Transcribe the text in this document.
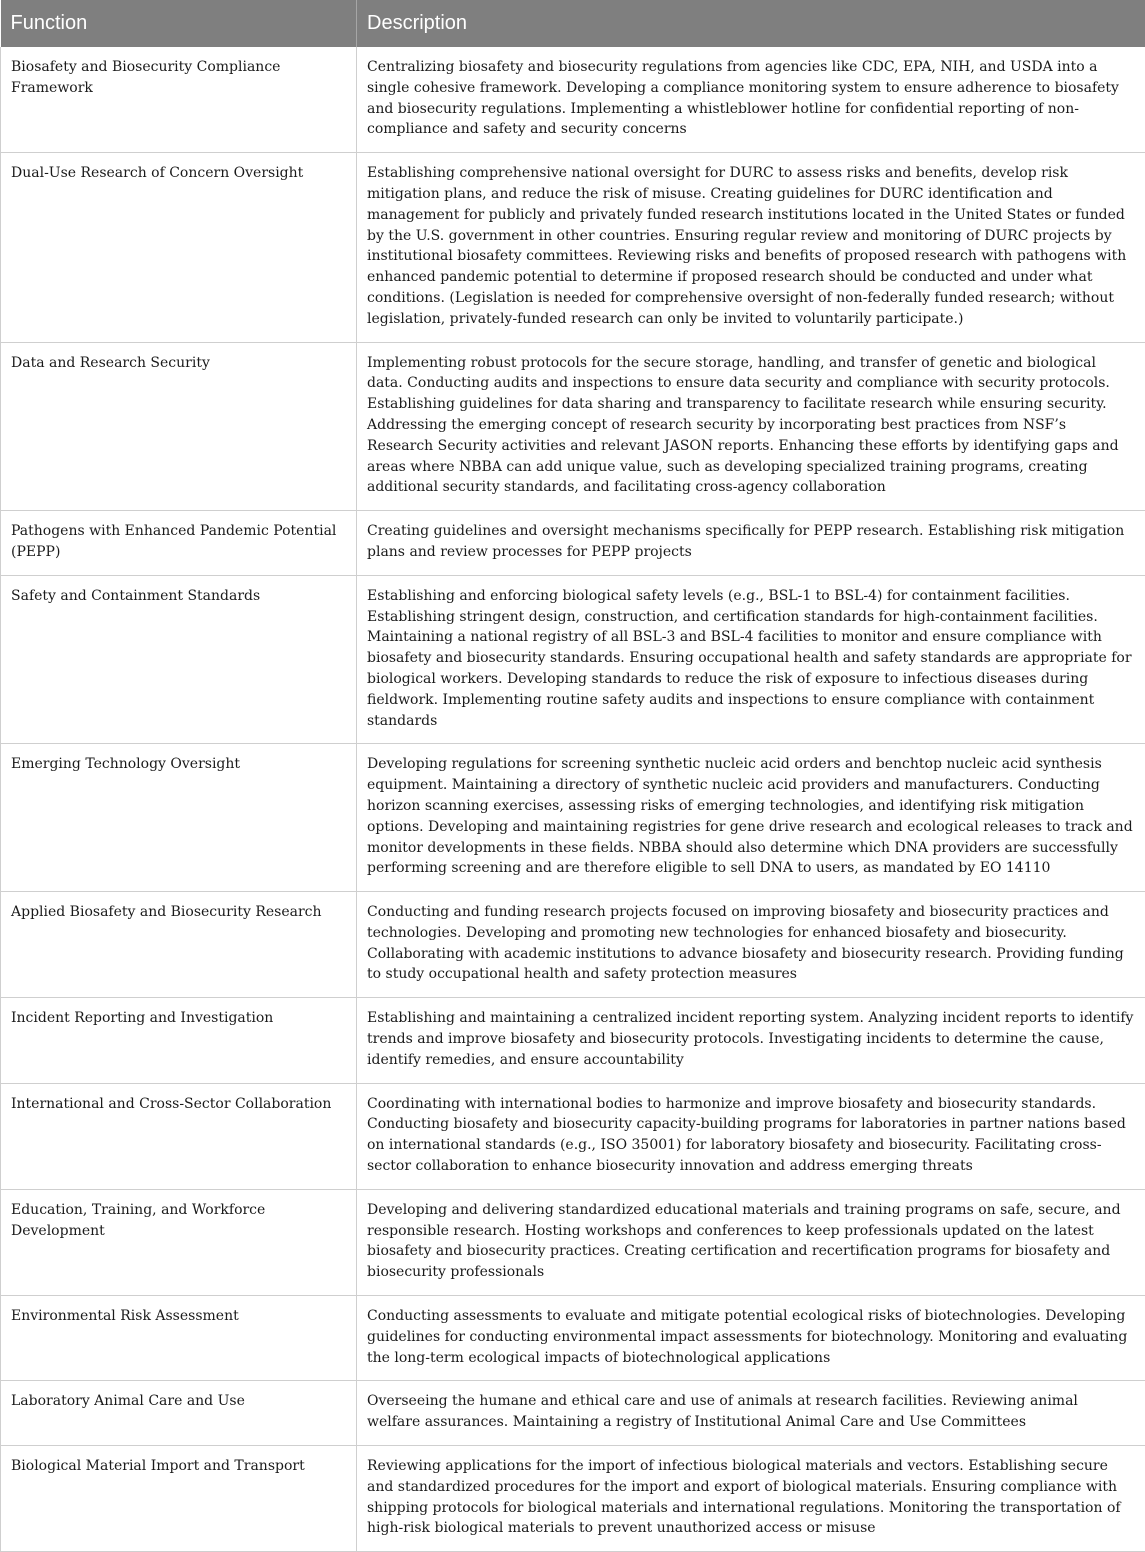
Function	Description
Biosafety and Biosecurity Compliance Framework	Centralizing biosafety and biosecurity regulations from agencies like CDC, EPA, NIH, and USDA into a single cohesive framework. Developing a compliance monitoring system to ensure adherence to biosafety and biosecurity regulations. Implementing a whistleblower hotline for confidential reporting of non-compliance and safety and security concerns
Dual-Use Research of Concern Oversight	Establishing comprehensive national oversight for DURC to assess risks and benefits, develop risk mitigation plans, and reduce the risk of misuse. Creating guidelines for DURC identification and management for publicly and privately funded research institutions located in the United States or funded by the U.S. government in other countries. Ensuring regular review and monitoring of DURC projects by institutional biosafety committees. Reviewing risks and benefits of proposed research with pathogens with enhanced pandemic potential to determine if proposed research should be conducted and under what conditions. (Legislation is needed for comprehensive oversight of non-federally funded research; without legislation, privately-funded research can only be invited to voluntarily participate.)
Data and Research Security	Implementing robust protocols for the secure storage, handling, and transfer of genetic and biological data. Conducting audits and inspections to ensure data security and compliance with security protocols. Establishing guidelines for data sharing and transparency to facilitate research while ensuring security. Addressing the emerging concept of research security by incorporating best practices from NSF’s Research Security activities and relevant JASON reports. Enhancing these efforts by identifying gaps and areas where NBBA can add unique value, such as developing specialized training programs, creating additional security standards, and facilitating cross-agency collaboration
Pathogens with Enhanced Pandemic Potential (PEPP)	Creating guidelines and oversight mechanisms specifically for PEPP research. Establishing risk mitigation plans and review processes for PEPP projects
Safety and Containment Standards	Establishing and enforcing biological safety levels (e.g., BSL-1 to BSL-4) for containment facilities. Establishing stringent design, construction, and certification standards for high-containment facilities. Maintaining a national registry of all BSL-3 and BSL-4 facilities to monitor and ensure compliance with biosafety and biosecurity standards. Ensuring occupational health and safety standards are appropriate for biological workers. Developing standards to reduce the risk of exposure to infectious diseases during fieldwork. Implementing routine safety audits and inspections to ensure compliance with containment standards
Emerging Technology Oversight	Developing regulations for screening synthetic nucleic acid orders and benchtop nucleic acid synthesis equipment. Maintaining a directory of synthetic nucleic acid providers and manufacturers. Conducting horizon scanning exercises, assessing risks of emerging technologies, and identifying risk mitigation options. Developing and maintaining registries for gene drive research and ecological releases to track and monitor developments in these fields. NBBA should also determine which DNA providers are successfully performing screening and are therefore eligible to sell DNA to users, as mandated by EO 14110
Applied Biosafety and Biosecurity Research	Conducting and funding research projects focused on improving biosafety and biosecurity practices and technologies. Developing and promoting new technologies for enhanced biosafety and biosecurity. Collaborating with academic institutions to advance biosafety and biosecurity research. Providing funding to study occupational health and safety protection measures
Incident Reporting and Investigation	Establishing and maintaining a centralized incident reporting system. Analyzing incident reports to identify trends and improve biosafety and biosecurity protocols. Investigating incidents to determine the cause, identify remedies, and ensure accountability
International and Cross-Sector Collaboration	Coordinating with international bodies to harmonize and improve biosafety and biosecurity standards. Conducting biosafety and biosecurity capacity-building programs for laboratories in partner nations based on international standards (e.g., ISO 35001) for laboratory biosafety and biosecurity. Facilitating cross-sector collaboration to enhance biosecurity innovation and address emerging threats
Education, Training, and Workforce Development	Developing and delivering standardized educational materials and training programs on safe, secure, and responsible research. Hosting workshops and conferences to keep professionals updated on the latest biosafety and biosecurity practices. Creating certification and recertification programs for biosafety and biosecurity professionals
Environmental Risk Assessment	Conducting assessments to evaluate and mitigate potential ecological risks of biotechnologies. Developing guidelines for conducting environmental impact assessments for biotechnology. Monitoring and evaluating the long-term ecological impacts of biotechnological applications
Laboratory Animal Care and Use	Overseeing the humane and ethical care and use of animals at research facilities. Reviewing animal welfare assurances. Maintaining a registry of Institutional Animal Care and Use Committees
Biological Material Import and Transport	Reviewing applications for the import of infectious biological materials and vectors. Establishing secure and standardized procedures for the import and export of biological materials. Ensuring compliance with shipping protocols for biological materials and international regulations. Monitoring the transportation of high-risk biological materials to prevent unauthorized access or misuse
